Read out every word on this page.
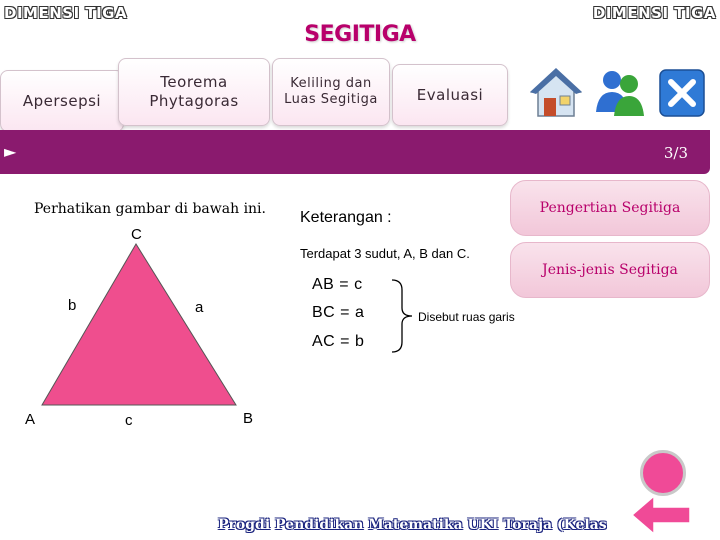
DIMENSI TIGA	DIMENSI TIGA
SEGITIGA
Apersepsi
Teorema Phytagoras
Keliling dan Luas Segitiga	Evaluasi
►	3/3
Pengertian Segitiga
Jenis-jenis Segitiga
Perhatikan gambar di bawah ini.
C
b	a
A	c	B
Keterangan :
Terdapat 3 sudut, A, B dan C.
AB = c
BC = a
AC = b
Disebut ruas garis
Progdi Pendidikan Matematika UKI Toraja (Kelas
